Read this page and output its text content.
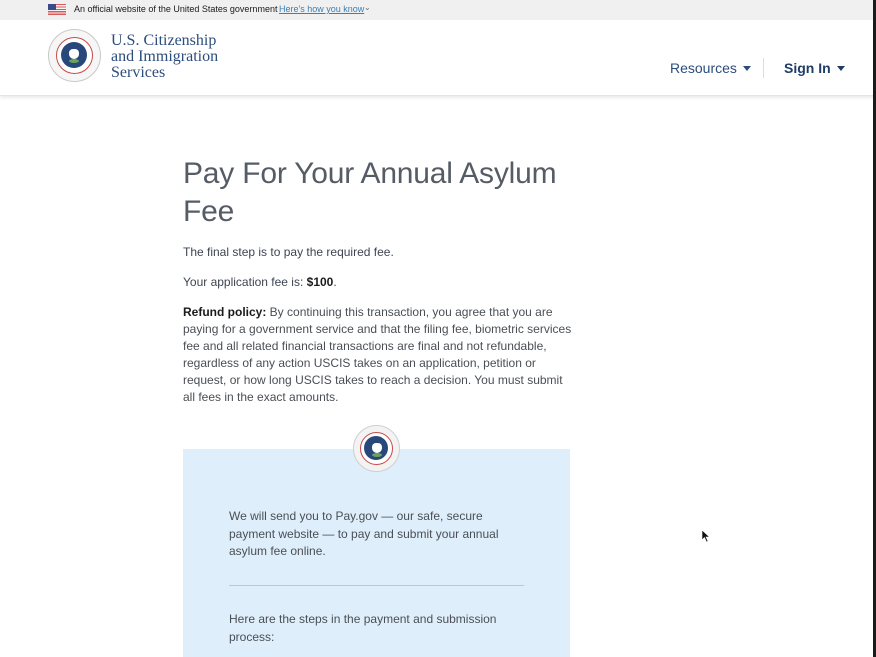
An official website of the United States government Here's how you know ⌄
U.S. Citizenship
and Immigration
Services	Resources	Sign In
Pay For Your Annual Asylum Fee

The final step is to pay the required fee.

Your application fee is: $100.

Refund policy: By continuing this transaction, you agree that you are paying for a government service and that the filing fee, biometric services fee and all related financial transactions are final and not refundable, regardless of any action USCIS takes on an application, petition or request, or how long USCIS takes to reach a decision. You must submit all fees in the exact amounts.

We will send you to Pay.gov — our safe, secure payment website — to pay and submit your annual asylum fee online.

Here are the steps in the payment and submission process:
